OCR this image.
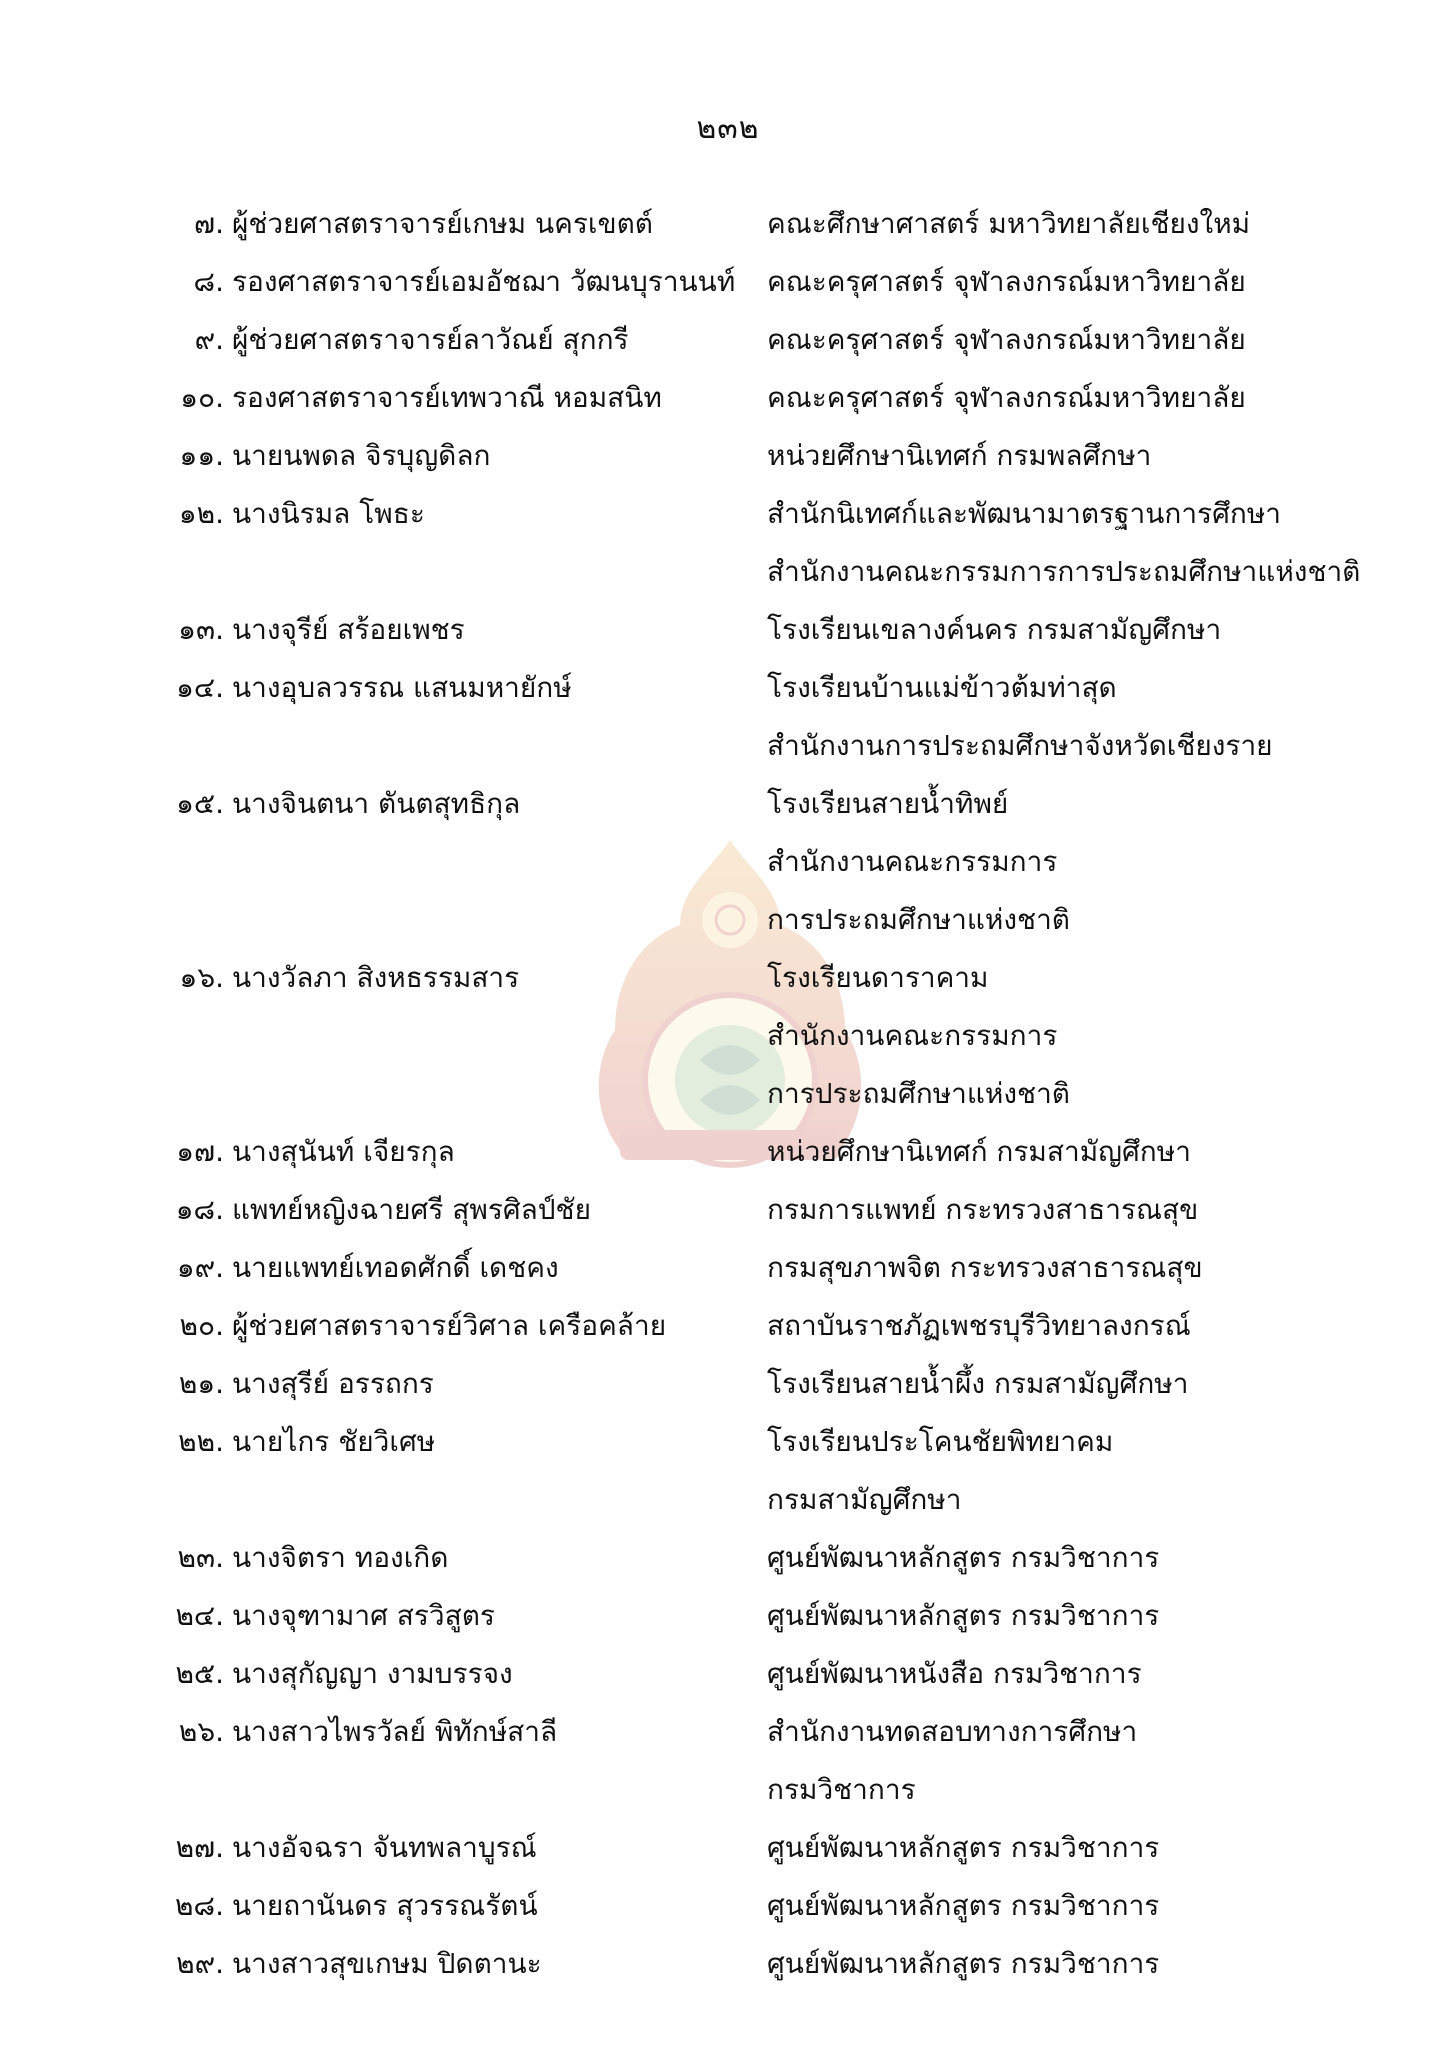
๒๓๒
๗. ผู้ช่วยศาสตราจารย์เกษม นครเขตต์	คณะศึกษาศาสตร์ มหาวิทยาลัยเชียงใหม่
๘. รองศาสตราจารย์เอมอัชฌา วัฒนบุรานนท์	คณะครุศาสตร์ จุฬาลงกรณ์มหาวิทยาลัย
๙. ผู้ช่วยศาสตราจารย์ลาวัณย์ สุกกรี	คณะครุศาสตร์ จุฬาลงกรณ์มหาวิทยาลัย
๑๐. รองศาสตราจารย์เทพวาณี หอมสนิท	คณะครุศาสตร์ จุฬาลงกรณ์มหาวิทยาลัย
๑๑. นายนพดล จิรบุญดิลก	หน่วยศึกษานิเทศก์ กรมพลศึกษา
๑๒. นางนิรมล โพธะ	สำนักนิเทศก์และพัฒนามาตรฐานการศึกษา
สำนักงานคณะกรรมการการประถมศึกษาแห่งชาติ
๑๓. นางจุรีย์ สร้อยเพชร	โรงเรียนเขลางค์นคร กรมสามัญศึกษา
๑๔. นางอุบลวรรณ แสนมหายักษ์	โรงเรียนบ้านแม่ข้าวต้มท่าสุด
สำนักงานการประถมศึกษาจังหวัดเชียงราย
๑๕. นางจินตนา ตันตสุทธิกุล	โรงเรียนสายน้ำทิพย์
สำนักงานคณะกรรมการ
การประถมศึกษาแห่งชาติ
๑๖. นางวัลภา สิงหธรรมสาร	โรงเรียนดาราคาม
สำนักงานคณะกรรมการ
การประถมศึกษาแห่งชาติ
๑๗. นางสุนันท์ เจียรกุล	หน่วยศึกษานิเทศก์ กรมสามัญศึกษา
๑๘. แพทย์หญิงฉายศรี สุพรศิลป์ชัย	กรมการแพทย์ กระทรวงสาธารณสุข
๑๙. นายแพทย์เทอดศักดิ์ เดชคง	กรมสุขภาพจิต กระทรวงสาธารณสุข
๒๐. ผู้ช่วยศาสตราจารย์วิศาล เครือคล้าย	สถาบันราชภัฏเพชรบุรีวิทยาลงกรณ์
๒๑. นางสุรีย์ อรรถกร	โรงเรียนสายน้ำผึ้ง กรมสามัญศึกษา
๒๒. นายไกร ชัยวิเศษ	โรงเรียนประโคนชัยพิทยาคม
กรมสามัญศึกษา
๒๓. นางจิตรา ทองเกิด	ศูนย์พัฒนาหลักสูตร กรมวิชาการ
๒๔. นางจุฑามาศ สรวิสูตร	ศูนย์พัฒนาหลักสูตร กรมวิชาการ
๒๕. นางสุกัญญา งามบรรจง	ศูนย์พัฒนาหนังสือ กรมวิชาการ
๒๖. นางสาวไพรวัลย์ พิทักษ์สาลี	สำนักงานทดสอบทางการศึกษา
กรมวิชาการ
๒๗. นางอัจฉรา จันทพลาบูรณ์	ศูนย์พัฒนาหลักสูตร กรมวิชาการ
๒๘. นายถานันดร สุวรรณรัตน์	ศูนย์พัฒนาหลักสูตร กรมวิชาการ
๒๙. นางสาวสุขเกษม ปิดตานะ	ศูนย์พัฒนาหลักสูตร กรมวิชาการ
